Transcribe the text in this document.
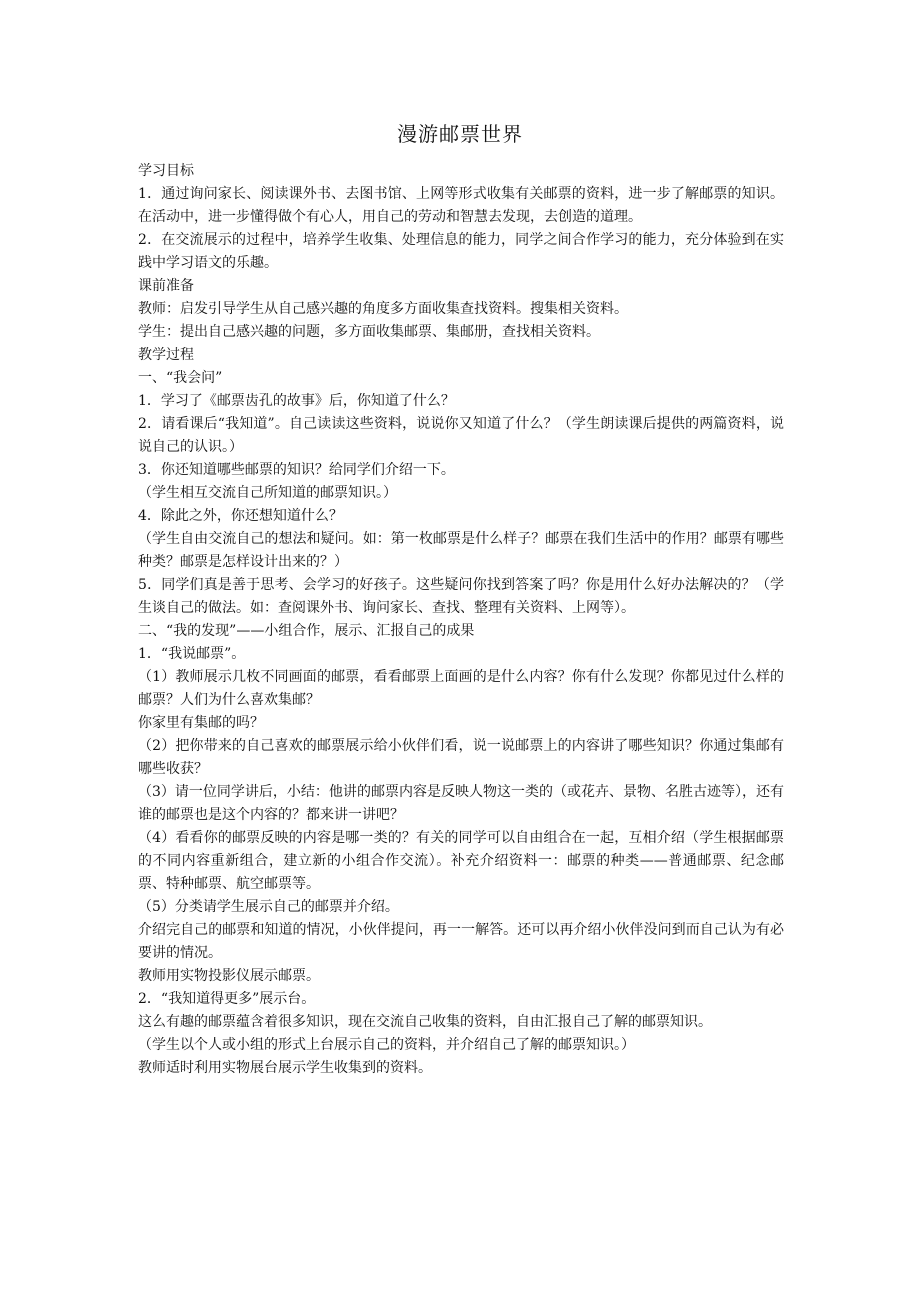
漫游邮票世界

学习目标

1．通过询问家长、阅读课外书、去图书馆、上网等形式收集有关邮票的资料，进一步了解邮票的知识。在活动中，进一步懂得做个有心人，用自己的劳动和智慧去发现，去创造的道理。

2．在交流展示的过程中，培养学生收集、处理信息的能力，同学之间合作学习的能力，充分体验到在实践中学习语文的乐趣。

课前准备

教师：启发引导学生从自己感兴趣的角度多方面收集查找资料。搜集相关资料。

学生：提出自己感兴趣的问题，多方面收集邮票、集邮册，查找相关资料。

教学过程

一、“我会问”

1．学习了《邮票齿孔的故事》后，你知道了什么？

2．请看课后“我知道”。自己读读这些资料，说说你又知道了什么？（学生朗读课后提供的两篇资料，说说自己的认识。）

3．你还知道哪些邮票的知识？给同学们介绍一下。

（学生相互交流自己所知道的邮票知识。）

4．除此之外，你还想知道什么？

（学生自由交流自己的想法和疑问。如：第一枚邮票是什么样子？邮票在我们生活中的作用？邮票有哪些种类？邮票是怎样设计出来的？）

5．同学们真是善于思考、会学习的好孩子。这些疑问你找到答案了吗？你是用什么好办法解决的？（学生谈自己的做法。如：查阅课外书、询问家长、查找、整理有关资料、上网等）。

二、“我的发现”——小组合作，展示、汇报自己的成果

1．“我说邮票”。

（1）教师展示几枚不同画面的邮票，看看邮票上面画的是什么内容？你有什么发现？你都见过什么样的邮票？人们为什么喜欢集邮？

你家里有集邮的吗？

（2）把你带来的自己喜欢的邮票展示给小伙伴们看，说一说邮票上的内容讲了哪些知识？你通过集邮有哪些收获？

（3）请一位同学讲后，小结：他讲的邮票内容是反映人物这一类的（或花卉、景物、名胜古迹等），还有谁的邮票也是这个内容的？都来讲一讲吧？

（4）看看你的邮票反映的内容是哪一类的？有关的同学可以自由组合在一起，互相介绍（学生根据邮票的不同内容重新组合，建立新的小组合作交流）。补充介绍资料一：邮票的种类——普通邮票、纪念邮票、特种邮票、航空邮票等。

（5）分类请学生展示自己的邮票并介绍。

介绍完自己的邮票和知道的情况，小伙伴提问，再一一解答。还可以再介绍小伙伴没问到而自己认为有必要讲的情况。

教师用实物投影仪展示邮票。

2．“我知道得更多”展示台。

这么有趣的邮票蕴含着很多知识，现在交流自己收集的资料，自由汇报自己了解的邮票知识。

（学生以个人或小组的形式上台展示自己的资料，并介绍自己了解的邮票知识。）

教师适时利用实物展台展示学生收集到的资料。
